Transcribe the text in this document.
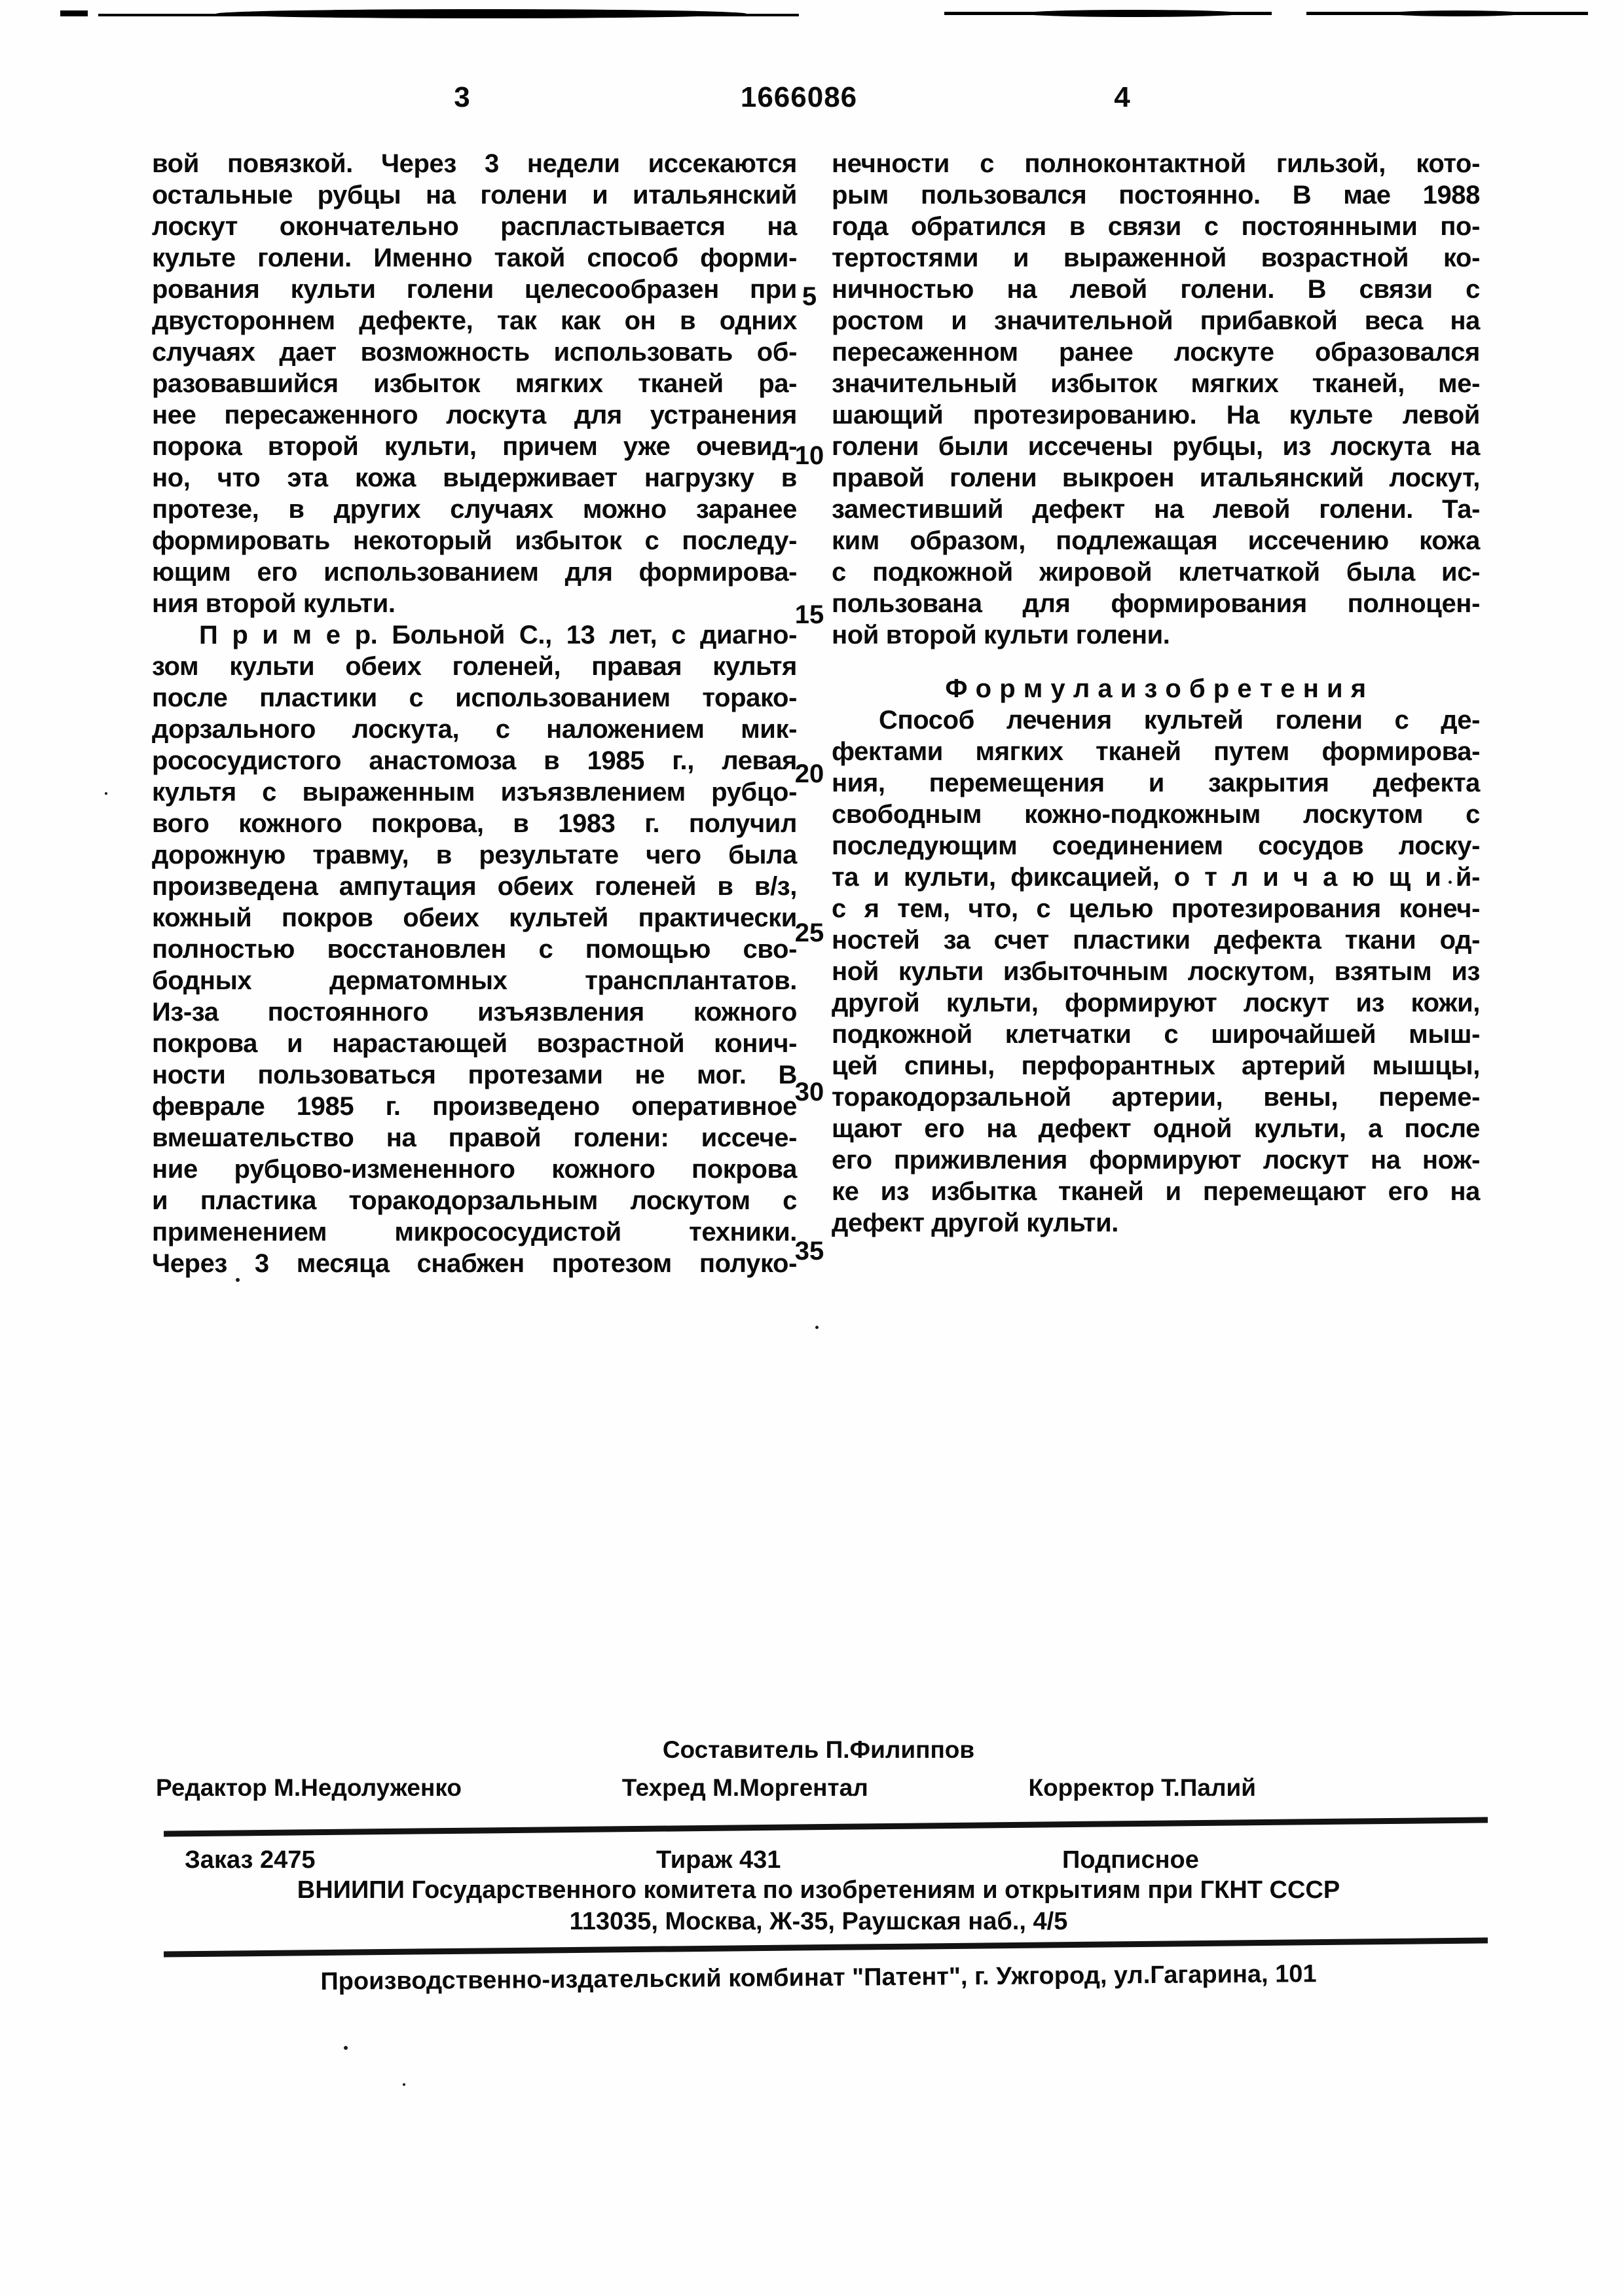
3	1666086	4
вой повязкой. Через 3 недели иссекаются
остальные рубцы на голени и итальянский
лоскут окончательно распластывается на
культе голени. Именно такой способ форми-
рования культи голени целесообразен при
двустороннем дефекте, так как он в одних
случаях дает возможность использовать об-
разовавшийся избыток мягких тканей ра-
нее пересаженного лоскута для устранения
порока второй культи, причем уже очевид-
но, что эта кожа выдерживает нагрузку в
протезе, в других случаях можно заранее
формировать некоторый избыток с последу-
ющим его использованием для формирова-
ния второй культи.
П р и м е р. Больной С., 13 лет, с диагно-
зом культи обеих голеней, правая культя
после пластики с использованием торако-
дорзального лоскута, с наложением мик-
рососудистого анастомоза в 1985 г., левая
культя с выраженным изъязвлением рубцо-
вого кожного покрова, в 1983 г. получил
дорожную травму, в результате чего была
произведена ампутация обеих голеней в в/з,
кожный покров обеих культей практически
полностью восстановлен с помощью сво-
бодных дерматомных трансплантатов.
Из-за постоянного изъязвления кожного
покрова и нарастающей возрастной конич-
ности пользоваться протезами не мог. В
феврале 1985 г. произведено оперативное
вмешательство на правой голени: иссече-
ние рубцово-измененного кожного покрова
и пластика торакодорзальным лоскутом с
применением микрососудистой техники.
Через 3 месяца снабжен протезом полуко-
нечности с полноконтактной гильзой, кото-
рым пользовался постоянно. В мае 1988
года обратился в связи с постоянными по-
тертостями и выраженной возрастной ко-
ничностью на левой голени. В связи с
ростом и значительной прибавкой веса на
пересаженном ранее лоскуте образовался
значительный избыток мягких тканей, ме-
шающий протезированию. На культе левой
голени были иссечены рубцы, из лоскута на
правой голени выкроен итальянский лоскут,
заместивший дефект на левой голени. Та-
ким образом, подлежащая иссечению кожа
с подкожной жировой клетчаткой была ис-
пользована для формирования полноцен-
ной второй культи голени.
Ф о р м у л а и з о б р е т е н и я
Способ лечения культей голени с де-
фектами мягких тканей путем формирова-
ния, перемещения и закрытия дефекта
свободным кожно-подкожным лоскутом с
последующим соединением сосудов лоску-
та и культи, фиксацией, о т л и ч а ю щ и й-
с я тем, что, с целью протезирования конеч-
ностей за счет пластики дефекта ткани од-
ной культи избыточным лоскутом, взятым из
другой культи, формируют лоскут из кожи,
подкожной клетчатки с широчайшей мыш-
цей спины, перфорантных артерий мышцы,
торакодорзальной артерии, вены, переме-
щают его на дефект одной культи, а после
его приживления формируют лоскут на нож-
ке из избытка тканей и перемещают его на
дефект другой культи.
5
10
15
20
25
30
35
Составитель П.Филиппов
Редактор М.Недолуженко	Техред М.Моргентал	Корректор Т.Палий
Заказ 2475	Тираж 431	Подписное
ВНИИПИ Государственного комитета по изобретениям и открытиям при ГКНТ СССР
113035, Москва, Ж-35, Раушская наб., 4/5
Производственно-издательский комбинат "Патент", г. Ужгород, ул.Гагарина, 101
